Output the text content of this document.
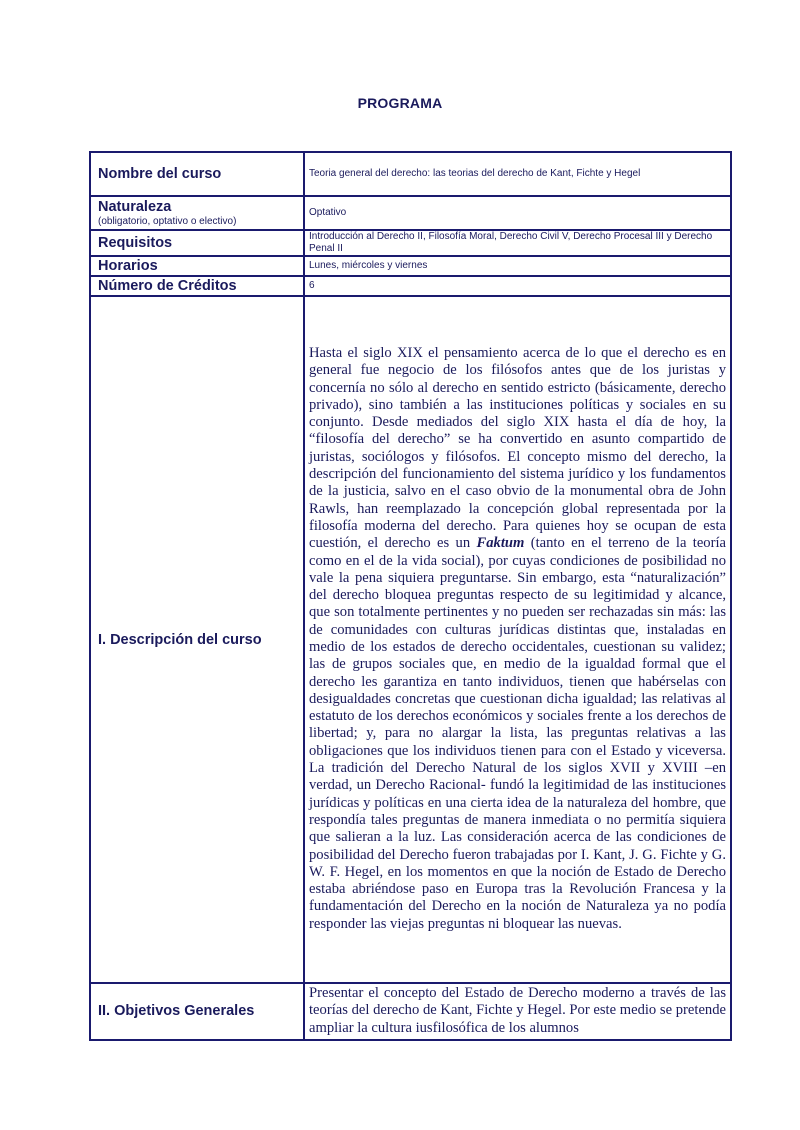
PROGRAMA
Nombre del curso	Teoria general del derecho: las teorias del derecho de Kant, Fichte y Hegel
Naturaleza
(obligatorio, optativo o electivo)	Optativo
Requisitos	Introducción al Derecho II, Filosofía Moral, Derecho Civil V, Derecho Procesal III y Derecho Penal II
Horarios	Lunes, miércoles y viernes
Número de Créditos	6
I. Descripción del curso	Hasta el siglo XIX el pensamiento acerca de lo que el derecho es en general fue negocio de los filósofos antes que de los juristas y concernía no sólo al derecho en sentido estricto (básicamente, derecho privado), sino también a las instituciones políticas y sociales en su conjunto. Desde mediados del siglo XIX hasta el día de hoy, la “filosofía del derecho” se ha convertido en asunto compartido de juristas, sociólogos y filósofos. El concepto mismo del derecho, la descripción del funcionamiento del sistema jurídico y los fundamentos de la justicia, salvo en el caso obvio de la monumental obra de John Rawls, han reemplazado la concepción global representada por la filosofía moderna del derecho. Para quienes hoy se ocupan de esta cuestión, el derecho es un Faktum (tanto en el terreno de la teoría como en el de la vida social), por cuyas condiciones de posibilidad no vale la pena siquiera preguntarse. Sin embargo, esta “naturalización” del derecho bloquea preguntas respecto de su legitimidad y alcance, que son totalmente pertinentes y no pueden ser rechazadas sin más: las de comunidades con culturas jurídicas distintas que, instaladas en medio de los estados de derecho occidentales, cuestionan su validez; las de grupos sociales que, en medio de la igualdad formal que el derecho les garantiza en tanto individuos, tienen que habérselas con desigualdades concretas que cuestionan dicha igualdad; las relativas al estatuto de los derechos económicos y sociales frente a los derechos de libertad; y, para no alargar la lista, las preguntas relativas a las obligaciones que los individuos tienen para con el Estado y viceversa. La tradición del Derecho Natural de los siglos XVII y XVIII –en verdad, un Derecho Racional- fundó la legitimidad de las instituciones jurídicas y políticas en una cierta idea de la naturaleza del hombre, que respondía tales preguntas de manera inmediata o no permitía siquiera que salieran a la luz. Las consideración acerca de las condiciones de posibilidad del Derecho fueron trabajadas por I. Kant, J. G. Fichte y G. W. F. Hegel, en los momentos en que la noción de Estado de Derecho estaba abriéndose paso en Europa tras la Revolución Francesa y la fundamentación del Derecho en la noción de Naturaleza ya no podía responder las viejas preguntas ni bloquear las nuevas.
II. Objetivos Generales	Presentar el concepto del Estado de Derecho moderno a través de las teorías del derecho de Kant, Fichte y Hegel. Por este medio se pretende ampliar la cultura iusfilosófica de los alumnos
